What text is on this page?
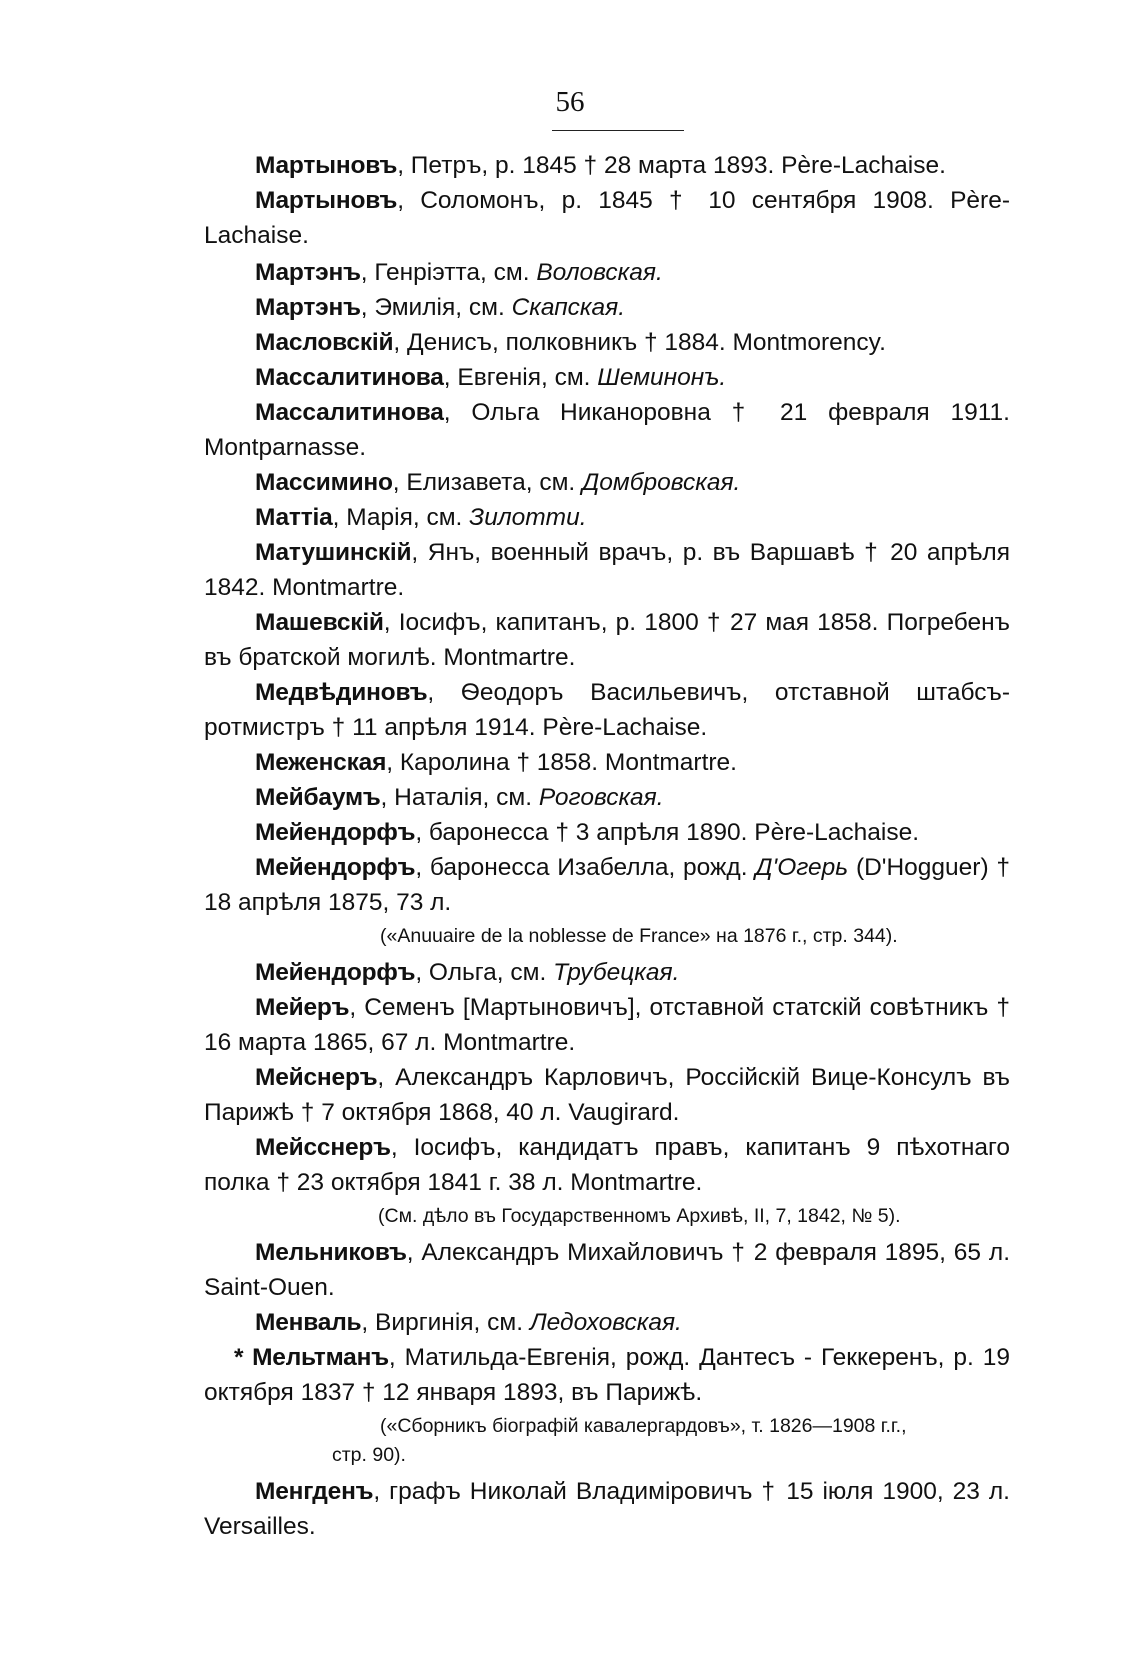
56

Мартыновъ, Петръ, р. 1845 † 28 марта 1893. Père-Lachaise.

Мартыновъ, Соломонъ, р. 1845 † 10 сентября 1908. Père-Lachaise.

Мартэнъ, Генріэтта, см. Воловская.

Мартэнъ, Эмилія, см. Скапская.

Масловскій, Денисъ, полковникъ † 1884. Montmorency.

Массалитинова, Евгенія, см. Шеминонъ.

Массалитинова, Ольга Никаноровна † 21 февраля 1911. Montparnasse.

Массимино, Елизавета, см. Домбровская.

Маттіа, Марія, см. Зилотти.

Матушинскій, Янъ, военный врачъ, р. въ Варшавѣ † 20 апрѣля 1842. Montmartre.

Машевскій, Іосифъ, капитанъ, р. 1800 † 27 мая 1858. Погребенъ въ братской могилѣ. Montmartre.

Медвѣдиновъ, Ѳеодоръ Васильевичъ, отставной штабсъ-ротмистръ † 11 апрѣля 1914. Père-Lachaise.

Меженская, Каролина † 1858. Montmartre.

Мейбаумъ, Наталія, см. Роговская.

Мейендорфъ, баронесса † 3 апрѣля 1890. Père-Lachaise.

Мейендорфъ, баронесса Изабелла, рожд. Д'Огерь (D'Hogguer) † 18 апрѣля 1875, 73 л.

(«Anuuaire de la noblesse de France» на 1876 г., стр. 344).

Мейендорфъ, Ольга, см. Трубецкая.

Мейеръ, Семенъ [Мартыновичъ], отставной статскій совѣтникъ † 16 марта 1865, 67 л. Montmartre.

Мейснеръ, Александръ Карловичъ, Россійскій Вице-Консулъ въ Парижѣ † 7 октября 1868, 40 л. Vaugirard.

Мейсснеръ, Іосифъ, кандидатъ правъ, капитанъ 9 пѣхотнаго полка † 23 октября 1841 г. 38 л. Montmartre.

(См. дѣло въ Государственномъ Архивѣ, II, 7, 1842, № 5).

Мельниковъ, Александръ Михайловичъ † 2 февраля 1895, 65 л. Saint-Ouen.

Менваль, Виргинія, см. Ледоховская.

* Мельтманъ, Матильда-Евгенія, рожд. Дантесъ - Геккеренъ, р. 19 октября 1837 † 12 января 1893, въ Парижѣ.

(«Сборникъ біографій кавалергардовъ», т. 1826—1908 г.г.,
стр. 90).

Менгденъ, графъ Николай Владиміровичъ † 15 іюля 1900, 23 л. Versailles.
